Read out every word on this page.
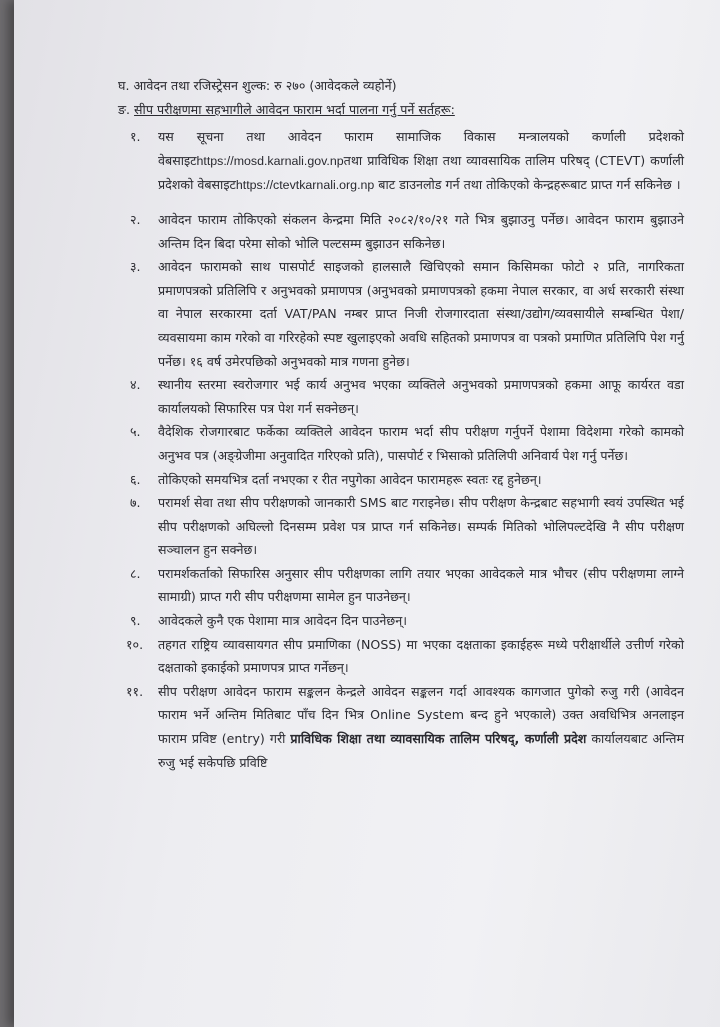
घ. आवेदन तथा रजिस्ट्रेसन शुल्क: रु २७० (आवेदकले व्यहोर्ने)

ङ. सीप परीक्षणमा सहभागीले आवेदन फाराम भर्दा पालना गर्नु पर्ने सर्तहरू:

१.	यस सूचना तथा आवेदन फाराम सामाजिक विकास मन्त्रालयको कर्णाली प्रदेशको वेबसाइटhttps://mosd.karnali.gov.npतथा प्राविधिक शिक्षा तथा व्यावसायिक तालिम परिषद् (CTEVT) कर्णाली प्रदेशको वेबसाइटhttps://ctevtkarnali.org.np बाट डाउनलोड गर्न तथा तोकिएको केन्द्रहरूबाट प्राप्त गर्न सकिनेछ ।
२.	आवेदन फाराम तोकिएको संकलन केन्द्रमा मिति २०८२/१०/२१ गते भित्र बुझाउनु पर्नेछ। आवेदन फाराम बुझाउने अन्तिम दिन बिदा परेमा सोको भोलि पल्टसम्म बुझाउन सकिनेछ।
३.	आवेदन फारामको साथ पासपोर्ट साइजको हालसालै खिचिएको समान किसिमका फोटो २ प्रति, नागरिकता प्रमाणपत्रको प्रतिलिपि र अनुभवको प्रमाणपत्र (अनुभवको प्रमाणपत्रको हकमा नेपाल सरकार, वा अर्ध सरकारी संस्था वा नेपाल सरकारमा दर्ता VAT/PAN नम्बर प्राप्त निजी रोजगारदाता संस्था/उद्योग/व्यवसायीले सम्बन्धित पेशा/व्यवसायमा काम गरेको वा गरिरहेको स्पष्ट खुलाइएको अवधि सहितको प्रमाणपत्र वा पत्रको प्रमाणित प्रतिलिपि पेश गर्नु पर्नेछ। १६ वर्ष उमेरपछिको अनुभवको मात्र गणना हुनेछ।
४.	स्थानीय स्तरमा स्वरोजगार भई कार्य अनुभव भएका व्यक्तिले अनुभवको प्रमाणपत्रको हकमा आफू कार्यरत वडा कार्यालयको सिफारिस पत्र पेश गर्न सक्नेछन्।
५.	वैदेशिक रोजगारबाट फर्केका व्यक्तिले आवेदन फाराम भर्दा सीप परीक्षण गर्नुपर्ने पेशामा विदेशमा गरेको कामको अनुभव पत्र (अङ्ग्रेजीमा अनुवादित गरिएको प्रति), पासपोर्ट र भिसाको प्रतिलिपी अनिवार्य पेश गर्नु पर्नेछ।
६.	तोकिएको समयभित्र दर्ता नभएका र रीत नपुगेका आवेदन फारामहरू स्वतः रद्द हुनेछन्।
७.	परामर्श सेवा तथा सीप परीक्षणको जानकारी SMS बाट गराइनेछ। सीप परीक्षण केन्द्रबाट सहभागी स्वयं उपस्थित भई सीप परीक्षणको अघिल्लो दिनसम्म प्रवेश पत्र प्राप्त गर्न सकिनेछ। सम्पर्क मितिको भोलिपल्टदेखि नै सीप परीक्षण सञ्चालन हुन सक्नेछ।
८.	परामर्शकर्ताको सिफारिस अनुसार सीप परीक्षणका लागि तयार भएका आवेदकले मात्र भौचर (सीप परीक्षणमा लाग्ने सामाग्री) प्राप्त गरी सीप परीक्षणमा सामेल हुन पाउनेछन्।
९.	आवेदकले कुनै एक पेशामा मात्र आवेदन दिन पाउनेछन्।
१०.	तहगत राष्ट्रिय व्यावसायगत सीप प्रमाणिका (NOSS) मा भएका दक्षताका इकाईहरू मध्ये परीक्षार्थीले उत्तीर्ण गरेको दक्षताको इकाईको प्रमाणपत्र प्राप्त गर्नेछन्।
११.	सीप परीक्षण आवेदन फाराम सङ्कलन केन्द्रले आवेदन सङ्कलन गर्दा आवश्यक कागजात पुगेको रुजु गरी (आवेदन फाराम भर्ने अन्तिम मितिबाट पाँच दिन भित्र Online System बन्द हुने भएकाले) उक्त अवधिभित्र अनलाइन फाराम प्रविष्ट (entry) गरी प्राविधिक शिक्षा तथा व्यावसायिक तालिम परिषद्, कर्णाली प्रदेश कार्यालयबाट अन्तिम रुजु भई सकेपछि प्रविष्टि
